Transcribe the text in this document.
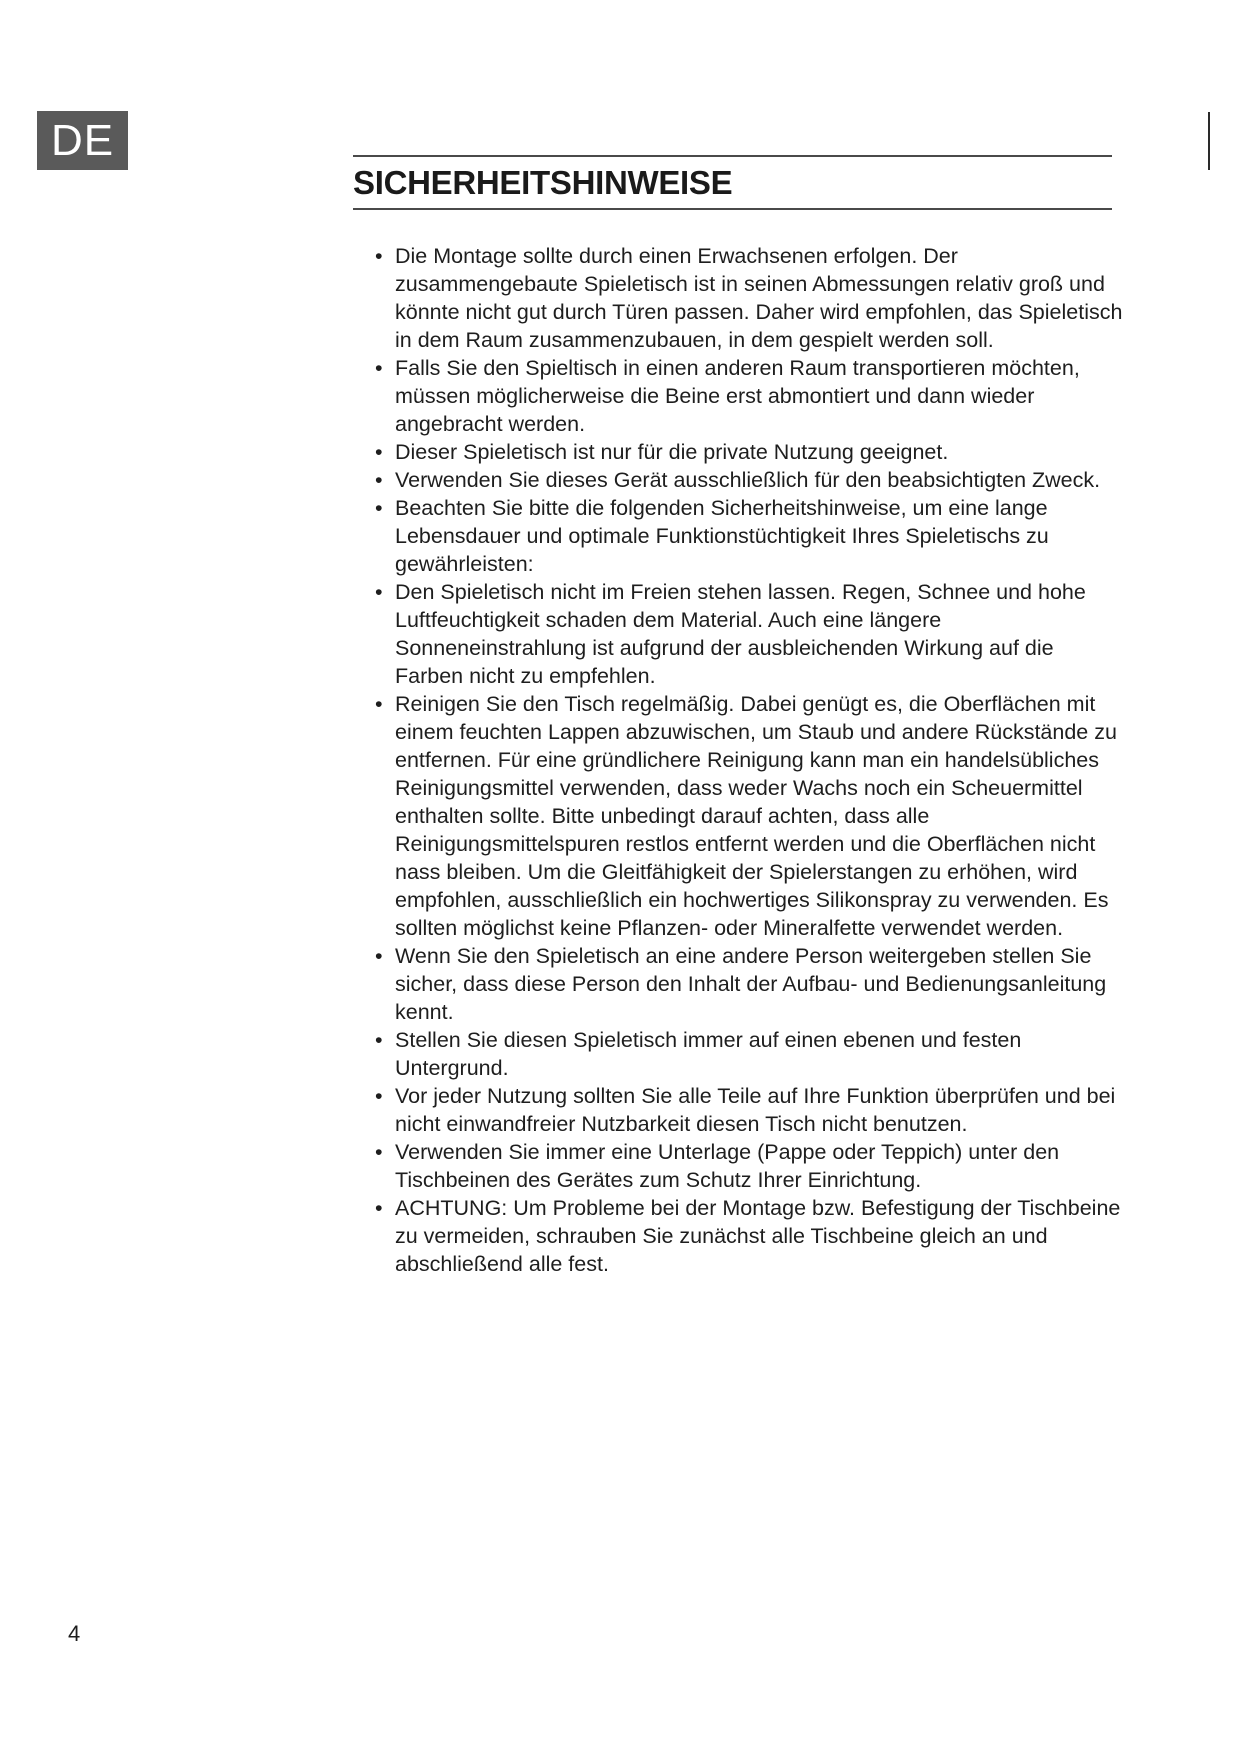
DE
SICHERHEITSHINWEISE
• Die Montage sollte durch einen Erwachsenen erfolgen. Der zusammengebaute Spieletisch ist in seinen Abmessungen relativ groß und könnte nicht gut durch Türen passen. Daher wird empfohlen, das Spieletisch in dem Raum zusammenzubauen, in dem gespielt werden soll.
• Falls Sie den Spieltisch in einen anderen Raum transportieren möchten, müssen möglicherweise die Beine erst abmontiert und dann wieder angebracht werden.
• Dieser Spieletisch ist nur für die private Nutzung geeignet.
• Verwenden Sie dieses Gerät ausschließlich für den beabsichtigten Zweck.
• Beachten Sie bitte die folgenden Sicherheitshinweise, um eine lange Lebensdauer und optimale Funktionstüchtigkeit Ihres Spieletischs zu gewährleisten:
• Den Spieletisch nicht im Freien stehen lassen. Regen, Schnee und hohe Luftfeuchtigkeit schaden dem Material. Auch eine längere Sonneneinstrahlung ist aufgrund der ausbleichenden Wirkung auf die Farben nicht zu empfehlen.
• Reinigen Sie den Tisch regelmäßig. Dabei genügt es, die Oberflächen mit einem feuchten Lappen abzuwischen, um Staub und andere Rückstände zu entfernen. Für eine gründlichere Reinigung kann man ein handelsübliches Reinigungsmittel verwenden, dass weder Wachs noch ein Scheuermittel enthalten sollte. Bitte unbedingt darauf achten, dass alle Reinigungsmittelspuren restlos entfernt werden und die Oberflächen nicht nass bleiben. Um die Gleitfähigkeit der Spielerstangen zu erhöhen, wird empfohlen, ausschließlich ein hochwertiges Silikonspray zu verwenden. Es sollten möglichst keine Pflanzen- oder Mineralfette verwendet werden.
• Wenn Sie den Spieletisch an eine andere Person weitergeben stellen Sie sicher, dass diese Person den Inhalt der Aufbau- und Bedienungsanleitung kennt.
• Stellen Sie diesen Spieletisch immer auf einen ebenen und festen Untergrund.
• Vor jeder Nutzung sollten Sie alle Teile auf Ihre Funktion überprüfen und bei nicht einwandfreier Nutzbarkeit diesen Tisch nicht benutzen.
• Verwenden Sie immer eine Unterlage (Pappe oder Teppich) unter den Tischbeinen des Gerätes zum Schutz Ihrer Einrichtung.
• ACHTUNG: Um Probleme bei der Montage bzw. Befestigung der Tischbeine zu vermeiden, schrauben Sie zunächst alle Tischbeine gleich an und abschließend alle fest.
4
